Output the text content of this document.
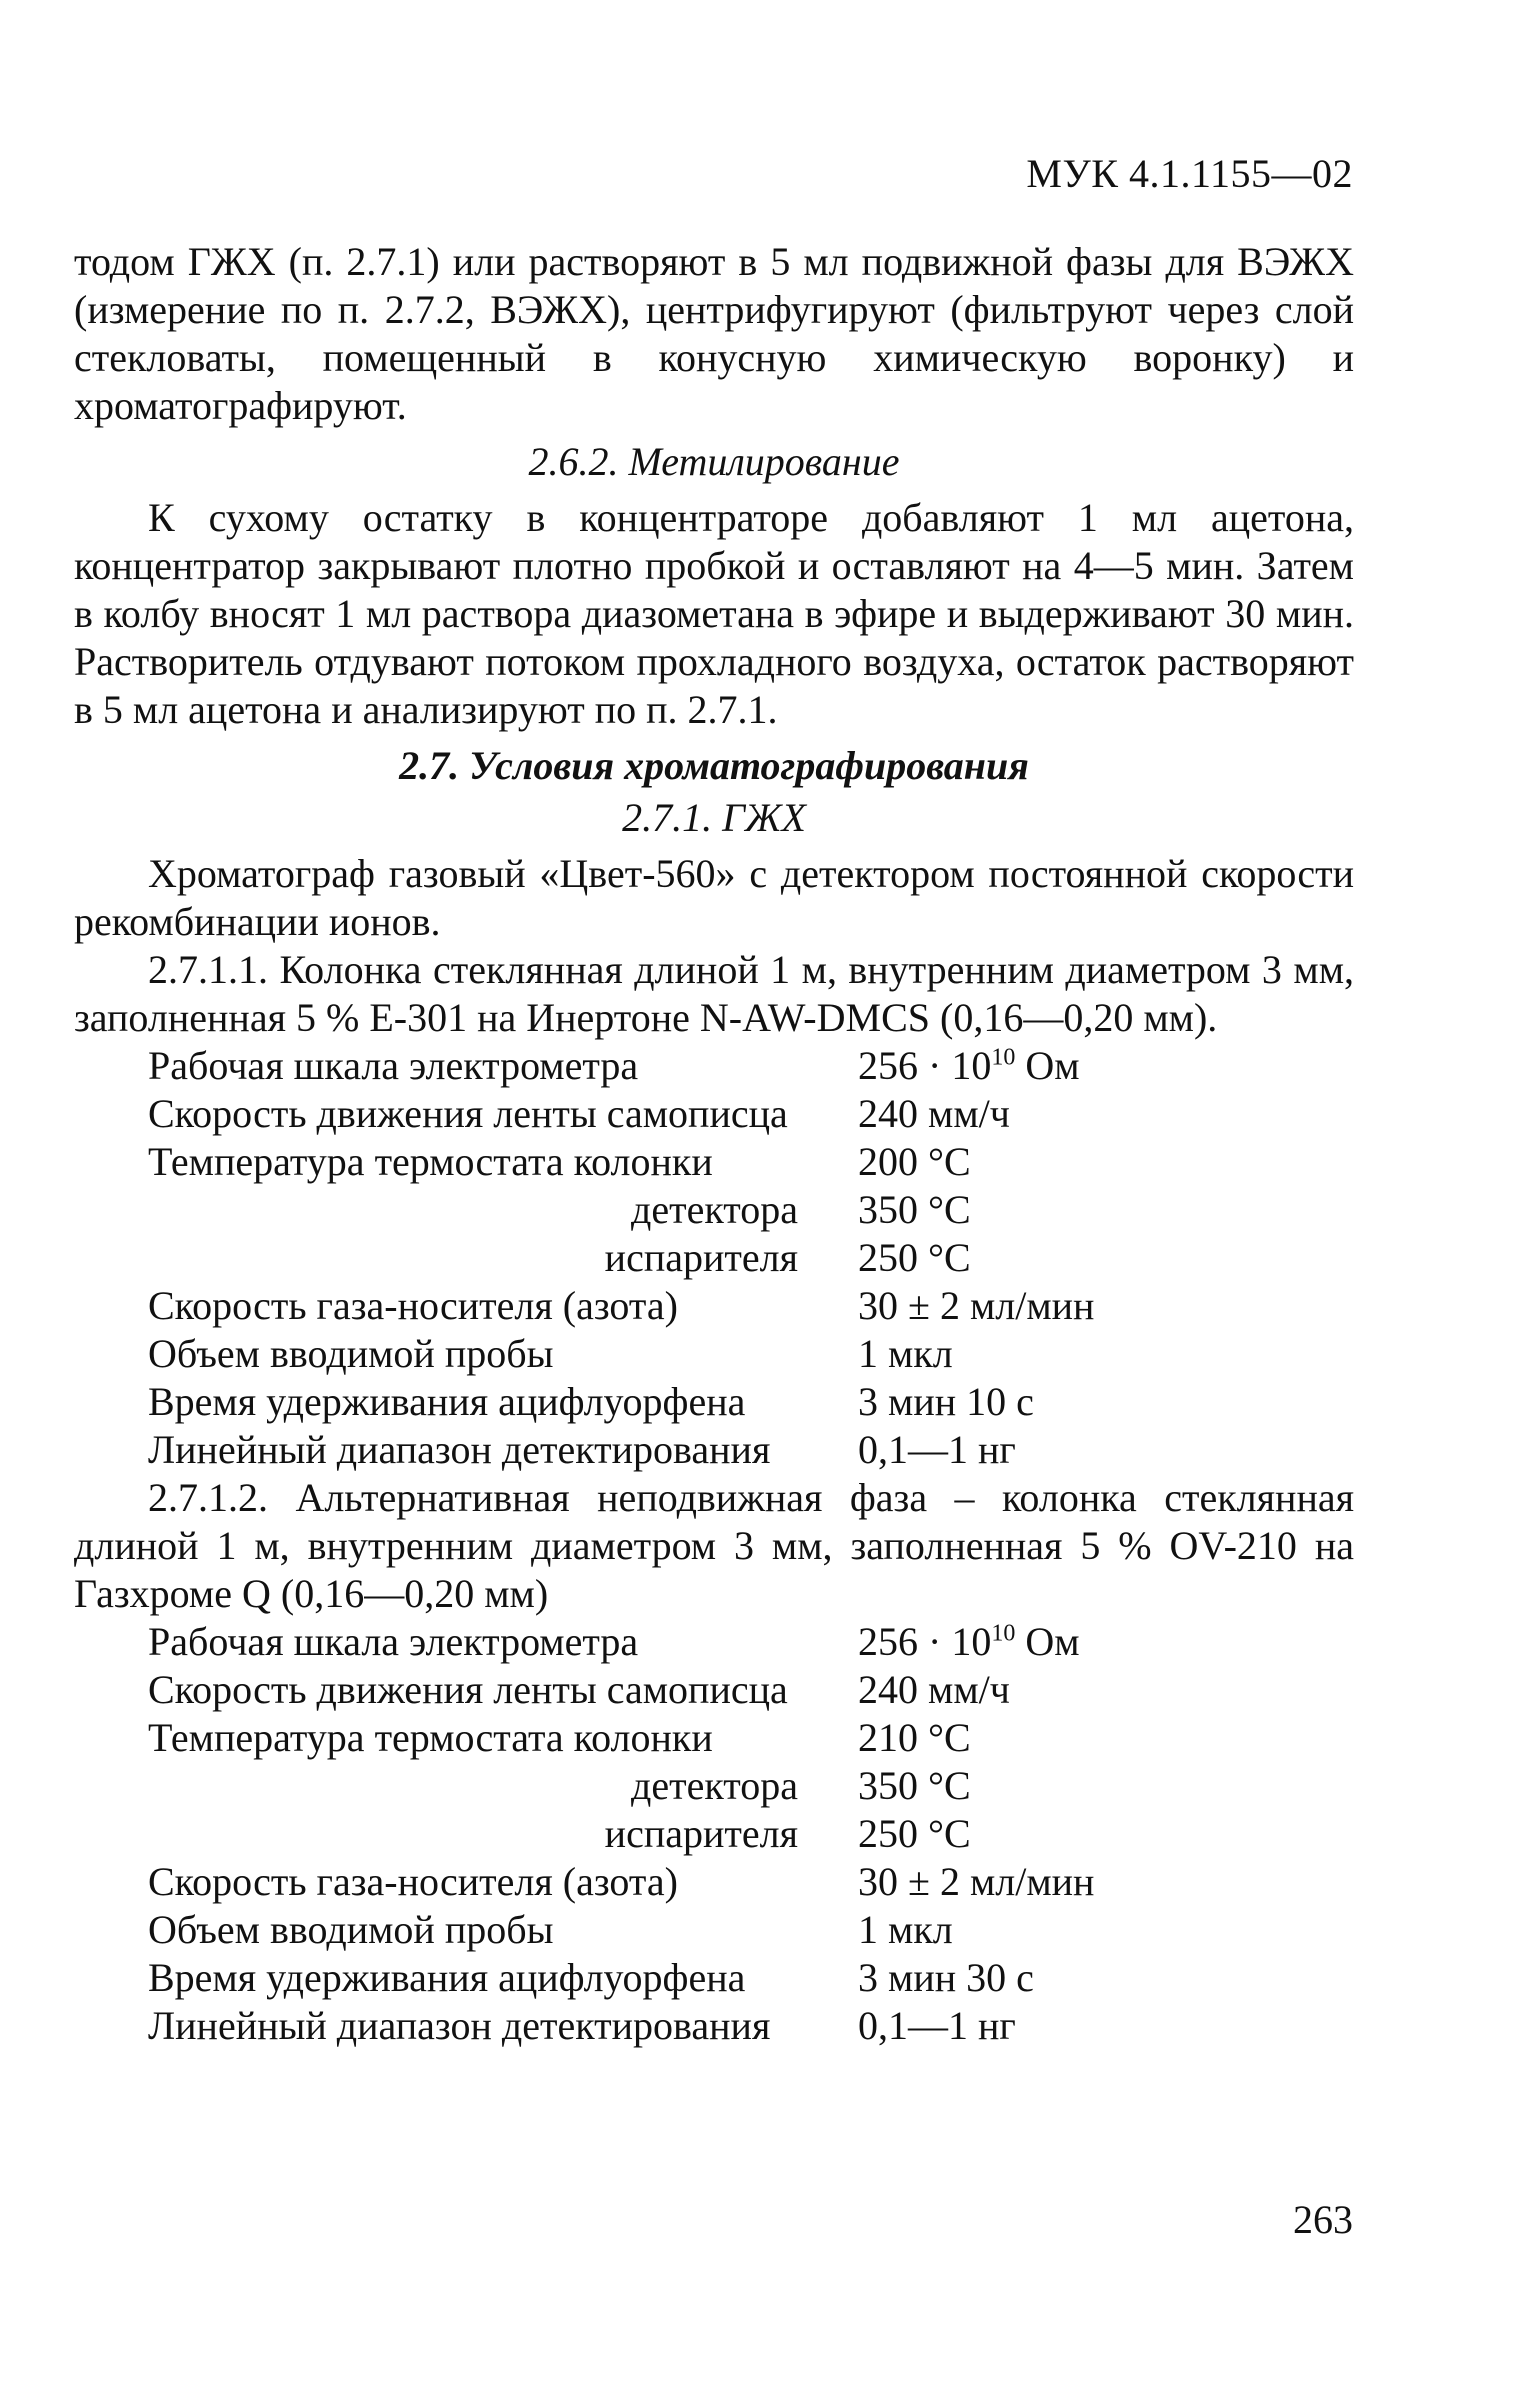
МУК 4.1.1155—02

тодом ГЖХ (п. 2.7.1) или растворяют в 5 мл подвижной фазы для ВЭЖХ (измерение по п. 2.7.2, ВЭЖХ), центрифугируют (фильтруют через слой стекловаты, помещенный в конусную химическую воронку) и хроматографируют.

2.6.2. Метилирование

К сухому остатку в концентраторе добавляют 1 мл ацетона, концентратор закрывают плотно пробкой и оставляют на 4—5 мин. Затем в колбу вносят 1 мл раствора диазометана в эфире и выдерживают 30 мин. Растворитель отдувают потоком прохладного воздуха, остаток растворяют в 5 мл ацетона и анализируют по п. 2.7.1.

2.7. Условия хроматографирования
2.7.1. ГЖХ

Хроматограф газовый «Цвет-560» с детектором постоянной скорости рекомбинации ионов.

2.7.1.1. Колонка стеклянная длиной 1 м, внутренним диаметром 3 мм, заполненная 5 % E-301 на Инертоне N-AW-DMCS (0,16—0,20 мм).

Рабочая шкала электрометра	$256 \cdot 10^{10}$ Ом
Скорость движения ленты самописца	240 мм/ч
Температура термостата колонки	200 °С
детектора	350 °С
испарителя	250 °С
Скорость газа-носителя (азота)	30 ± 2 мл/мин
Объем вводимой пробы	1 мкл
Время удерживания ацифлуорфена	3 мин 10 с
Линейный диапазон детектирования	0,1—1 нг

2.7.1.2. Альтернативная неподвижная фаза – колонка стеклянная длиной 1 м, внутренним диаметром 3 мм, заполненная 5 % OV-210 на Газхроме Q (0,16—0,20 мм)

Рабочая шкала электрометра	$256 \cdot 10^{10}$ Ом
Скорость движения ленты самописца	240 мм/ч
Температура термостата колонки	210 °С
детектора	350 °С
испарителя	250 °С
Скорость газа-носителя (азота)	30 ± 2 мл/мин
Объем вводимой пробы	1 мкл
Время удерживания ацифлуорфена	3 мин 30 с
Линейный диапазон детектирования	0,1—1 нг
263
